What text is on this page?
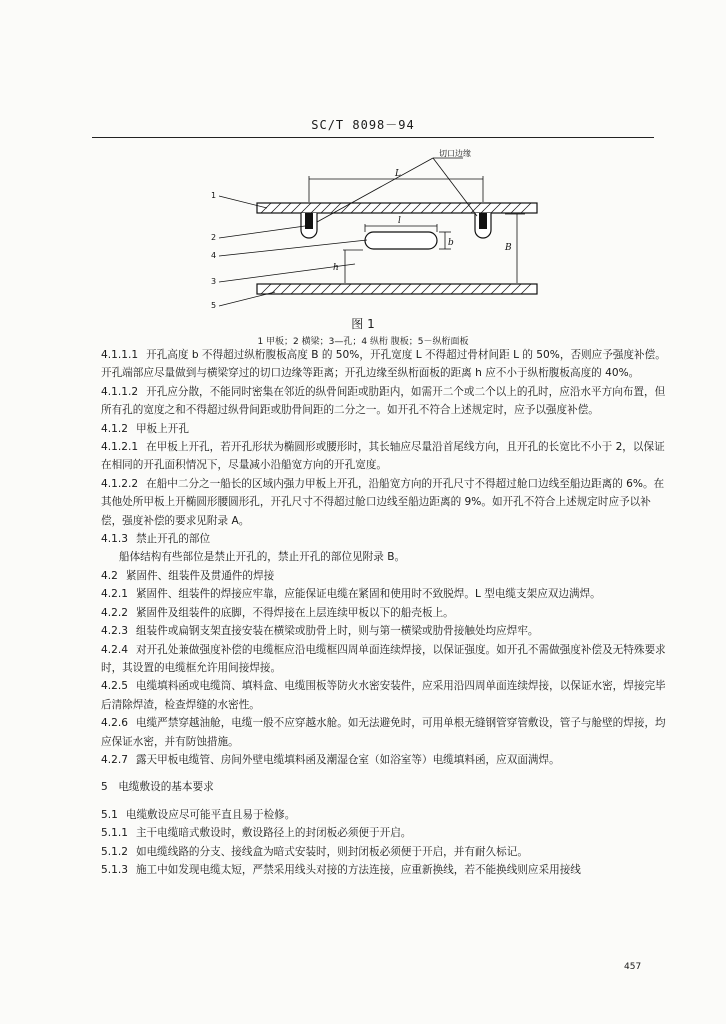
SC/T 8098－94
L
l
b
h
B
切口边缘
1
2
4
3
5
图 1
1 甲板；2 横梁；3—孔；4 纵桁 腹板；5－纵桁面板

4.1.1.1 开孔高度 b 不得超过纵桁腹板高度 B 的 50%，开孔宽度 L 不得超过骨材间距 L 的 50%，否则应予强度补偿。开孔端部应尽量做到与横梁穿过的切口边缘等距离；开孔边缘至纵桁面板的距离 h 应不小于纵桁腹板高度的 40%。

4.1.1.2 开孔应分散，不能同时密集在邻近的纵骨间距或肋距内，如需开二个或二个以上的孔时，应沿水平方向布置，但所有孔的宽度之和不得超过纵骨间距或肋骨间距的二分之一。如开孔不符合上述规定时，应予以强度补偿。

4.1.2 甲板上开孔

4.1.2.1 在甲板上开孔，若开孔形状为椭圆形或腰形时，其长轴应尽量沿首尾线方向，且开孔的长宽比不小于 2，以保证在相同的开孔面积情况下，尽量减小沿船宽方向的开孔宽度。

4.1.2.2 在船中二分之一船长的区域内强力甲板上开孔，沿船宽方向的开孔尺寸不得超过舱口边线至船边距离的 6%。在其他处所甲板上开椭圆形腰圆形孔，开孔尺寸不得超过舱口边线至船边距离的 9%。如开孔不符合上述规定时应予以补偿，强度补偿的要求见附录 A。

4.1.3 禁止开孔的部位

船体结构有些部位是禁止开孔的，禁止开孔的部位见附录 B。

4.2 紧固件、组装件及贯通件的焊接

4.2.1 紧固件、组装件的焊接应牢靠，应能保证电缆在紧固和使用时不致脱焊。L 型电缆支架应双边满焊。

4.2.2 紧固件及组装件的底脚，不得焊接在上层连续甲板以下的船壳板上。

4.2.3 组装件或扁钢支架直接安装在横梁或肋骨上时，则与第一横梁或肋骨接触处均应焊牢。

4.2.4 对开孔处兼做强度补偿的电缆框应沿电缆框四周单面连续焊接，以保证强度。如开孔不需做强度补偿及无特殊要求时，其设置的电缆框允许用间接焊接。

4.2.5 电缆填料函或电缆筒、填料盒、电缆围板等防火水密安装件，应采用沿四周单面连续焊接，以保证水密，焊接完毕后清除焊渣，检查焊缝的水密性。

4.2.6 电缆严禁穿越油舱，电缆一般不应穿越水舱。如无法避免时，可用单根无缝钢管穿管敷设，管子与舱壁的焊接，均应保证水密，并有防蚀措施。

4.2.7 露天甲板电缆管、房间外壁电缆填料函及潮湿仓室（如浴室等）电缆填料函，应双面满焊。

5　电缆敷设的基本要求

5.1 电缆敷设应尽可能平直且易于检修。

5.1.1 主干电缆暗式敷设时，敷设路径上的封闭板必须便于开启。

5.1.2 如电缆线路的分支、接线盒为暗式安装时，则封闭板必须便于开启，并有耐久标记。

5.1.3 施工中如发现电缆太短，严禁采用线头对接的方法连接，应重新换线，若不能换线则应采用接线

457
